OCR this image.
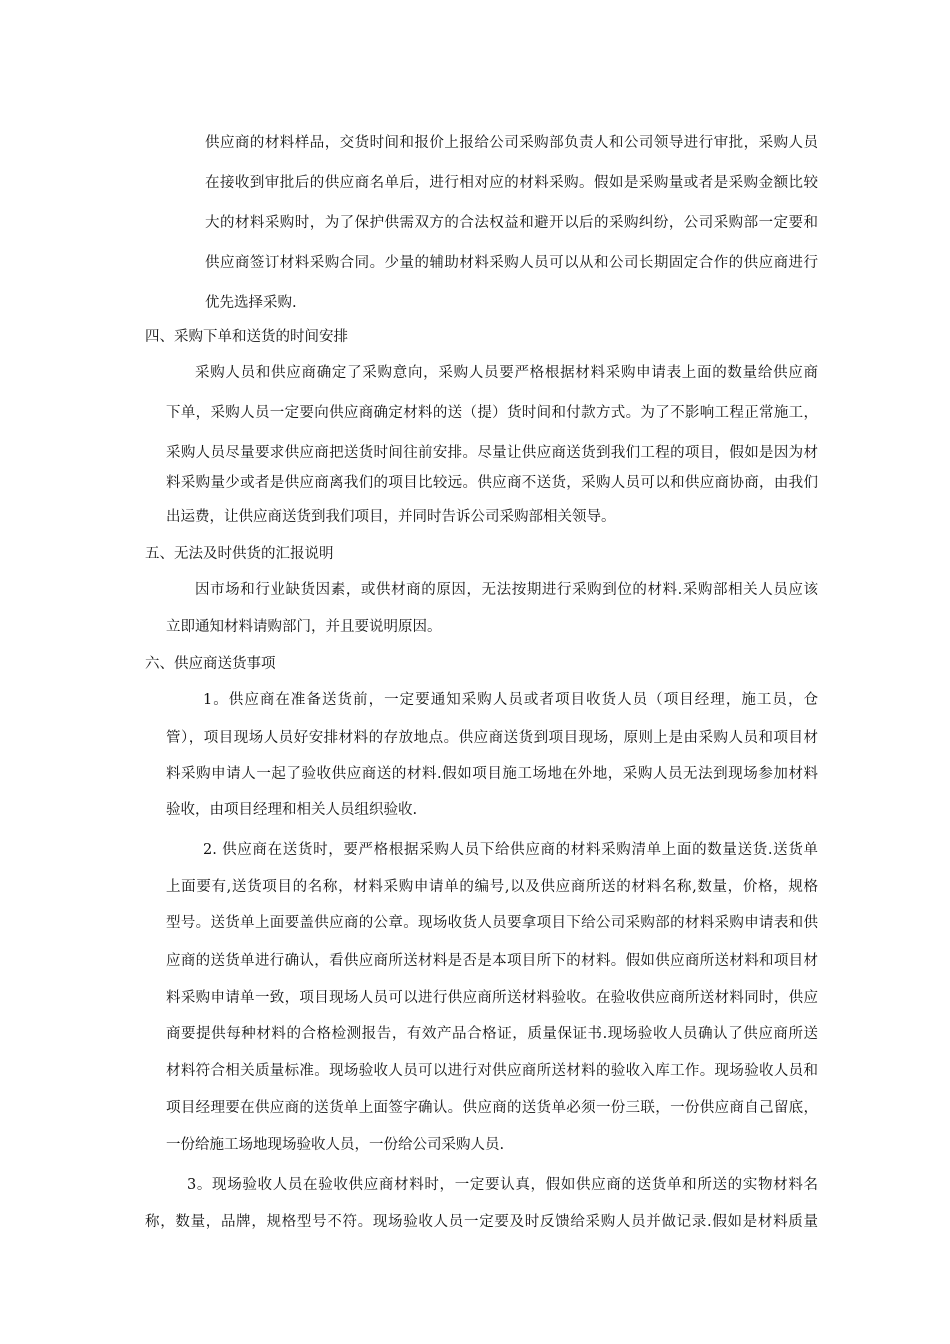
供应商的材料样品，交货时间和报价上报给公司采购部负责人和公司领导进行审批，采购人员
在接收到审批后的供应商名单后，进行相对应的材料采购。假如是采购量或者是采购金额比较
大的材料采购时，为了保护供需双方的合法权益和避开以后的采购纠纷，公司采购部一定要和
供应商签订材料采购合同。少量的辅助材料采购人员可以从和公司长期固定合作的供应商进行
优先选择采购.
四、采购下单和送货的时间安排
采购人员和供应商确定了采购意向，采购人员要严格根据材料采购申请表上面的数量给供应商
下单，采购人员一定要向供应商确定材料的送（提）货时间和付款方式。为了不影响工程正常施工，
采购人员尽量要求供应商把送货时间往前安排。尽量让供应商送货到我们工程的项目，假如是因为材
料采购量少或者是供应商离我们的项目比较远。供应商不送货，采购人员可以和供应商协商，由我们
出运费，让供应商送货到我们项目，并同时告诉公司采购部相关领导。
五、无法及时供货的汇报说明
因市场和行业缺货因素，或供材商的原因，无法按期进行采购到位的材料.采购部相关人员应该
立即通知材料请购部门，并且要说明原因。
六、供应商送货事项
1。供应商在准备送货前，一定要通知采购人员或者项目收货人员（项目经理，施工员，仓
管），项目现场人员好安排材料的存放地点。供应商送货到项目现场，原则上是由采购人员和项目材
料采购申请人一起了验收供应商送的材料.假如项目施工场地在外地，采购人员无法到现场参加材料
验收，由项目经理和相关人员组织验收.
2. 供应商在送货时，要严格根据采购人员下给供应商的材料采购清单上面的数量送货.送货单
上面要有,送货项目的名称，材料采购申请单的编号,以及供应商所送的材料名称,数量，价格，规格
型号。送货单上面要盖供应商的公章。现场收货人员要拿项目下给公司采购部的材料采购申请表和供
应商的送货单进行确认，看供应商所送材料是否是本项目所下的材料。假如供应商所送材料和项目材
料采购申请单一致，项目现场人员可以进行供应商所送材料验收。在验收供应商所送材料同时，供应
商要提供每种材料的合格检测报告，有效产品合格证，质量保证书.现场验收人员确认了供应商所送
材料符合相关质量标准。现场验收人员可以进行对供应商所送材料的验收入库工作。现场验收人员和
项目经理要在供应商的送货单上面签字确认。供应商的送货单必须一份三联，一份供应商自己留底，
一份给施工场地现场验收人员，一份给公司采购人员.
3。现场验收人员在验收供应商材料时，一定要认真，假如供应商的送货单和所送的实物材料名
称，数量，品牌，规格型号不符。现场验收人员一定要及时反馈给采购人员并做记录.假如是材料质量
